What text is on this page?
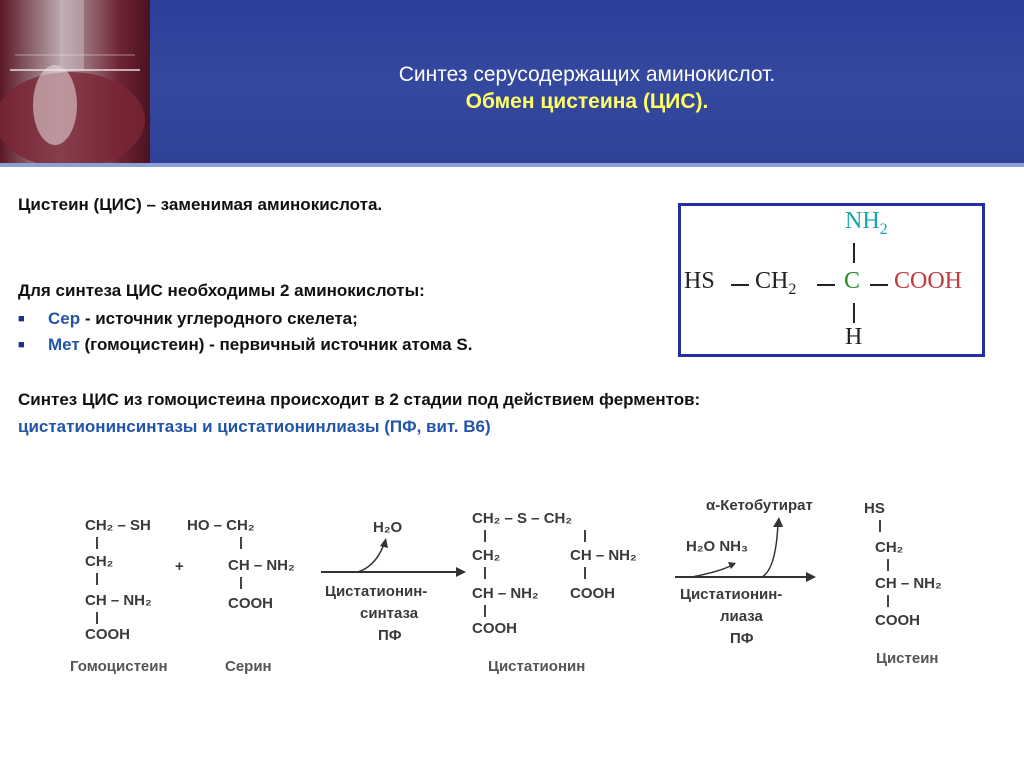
Синтез серусодержащих аминокислот.

Обмен цистеина (ЦИС).

Цистеин (ЦИС) – заменимая аминокислота.

Для синтеза ЦИС необходимы 2 аминокислоты:

■ Сер - источник углеродного скелета;

■ Мет (гомоцистеин) - первичный источник атома S.

Синтез ЦИС из гомоцистеина происходит в 2 стадии под действием ферментов:

цистатионинсинтазы и цистатионинлиазы (ПФ, вит. В6)

$NH_2$
HS $CH_2$ C COOH
H
CH₂ – SH
CH₂
CH – NH₂
COOH
Гомоцистеин
+
HO – CH₂
CH – NH₂
COOH
Серин
H₂O
Цистатионин-
синтаза
ПФ
CH₂ – S – CH₂
CH₂	CH – NH₂
CH – NH₂ COOH
COOH
Цистатионин
α-Кетобутират
H₂O NH₃
Цистатионин-
лиаза
ПФ
HS
CH₂
CH – NH₂
COOH
Цистеин
